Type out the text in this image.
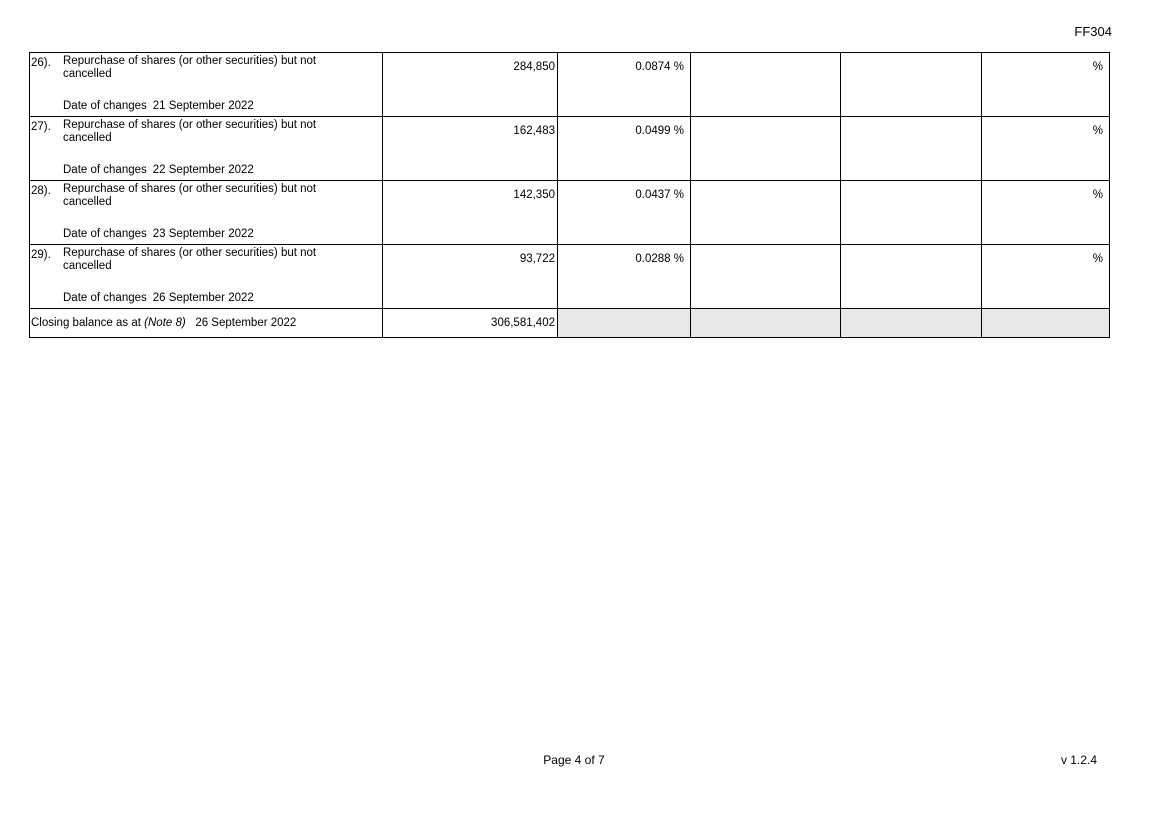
FF304
26). Repurchase of shares (or other securities) but not cancelled
Date of changes 21 September 2022	284,850	0.0874 %			%

27). Repurchase of shares (or other securities) but not cancelled
Date of changes 22 September 2022	162,483	0.0499 %			%

28). Repurchase of shares (or other securities) but not cancelled
Date of changes 23 September 2022	142,350	0.0437 %			%

29). Repurchase of shares (or other securities) but not cancelled
Date of changes 26 September 2022	93,722	0.0288 %			%

Closing balance as at (Note 8) 26 September 2022	306,581,402				
Page 4 of 7	v 1.2.4
